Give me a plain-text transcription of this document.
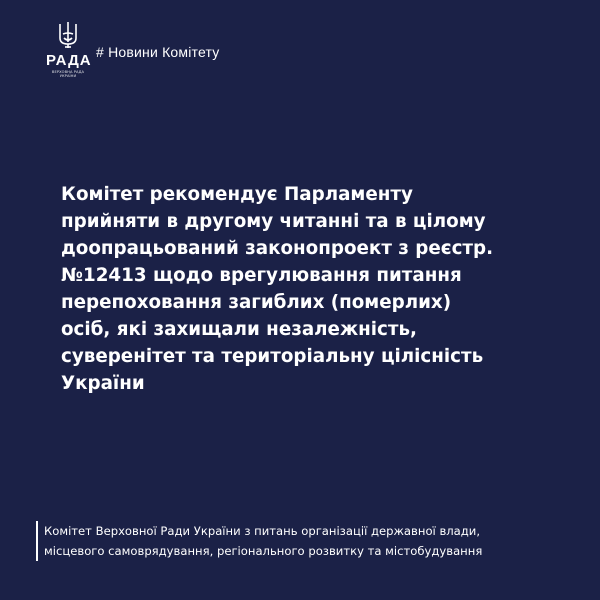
РАДА
ВЕРХОВНА РАДА
УКРАЇНИ
# Новини Комітету

Комітет рекомендує Парламенту
прийняти в другому читанні та в цілому
доопрацьований законопроект з реєстр.
№12413 щодо врегулювання питання
перепоховання загиблих (померлих)
осіб, які захищали незалежність,
суверенітет та територіальну цілісність
України

Комітет Верховної Ради України з питань організації державної влади,
місцевого самоврядування, регіонального розвитку та містобудування
